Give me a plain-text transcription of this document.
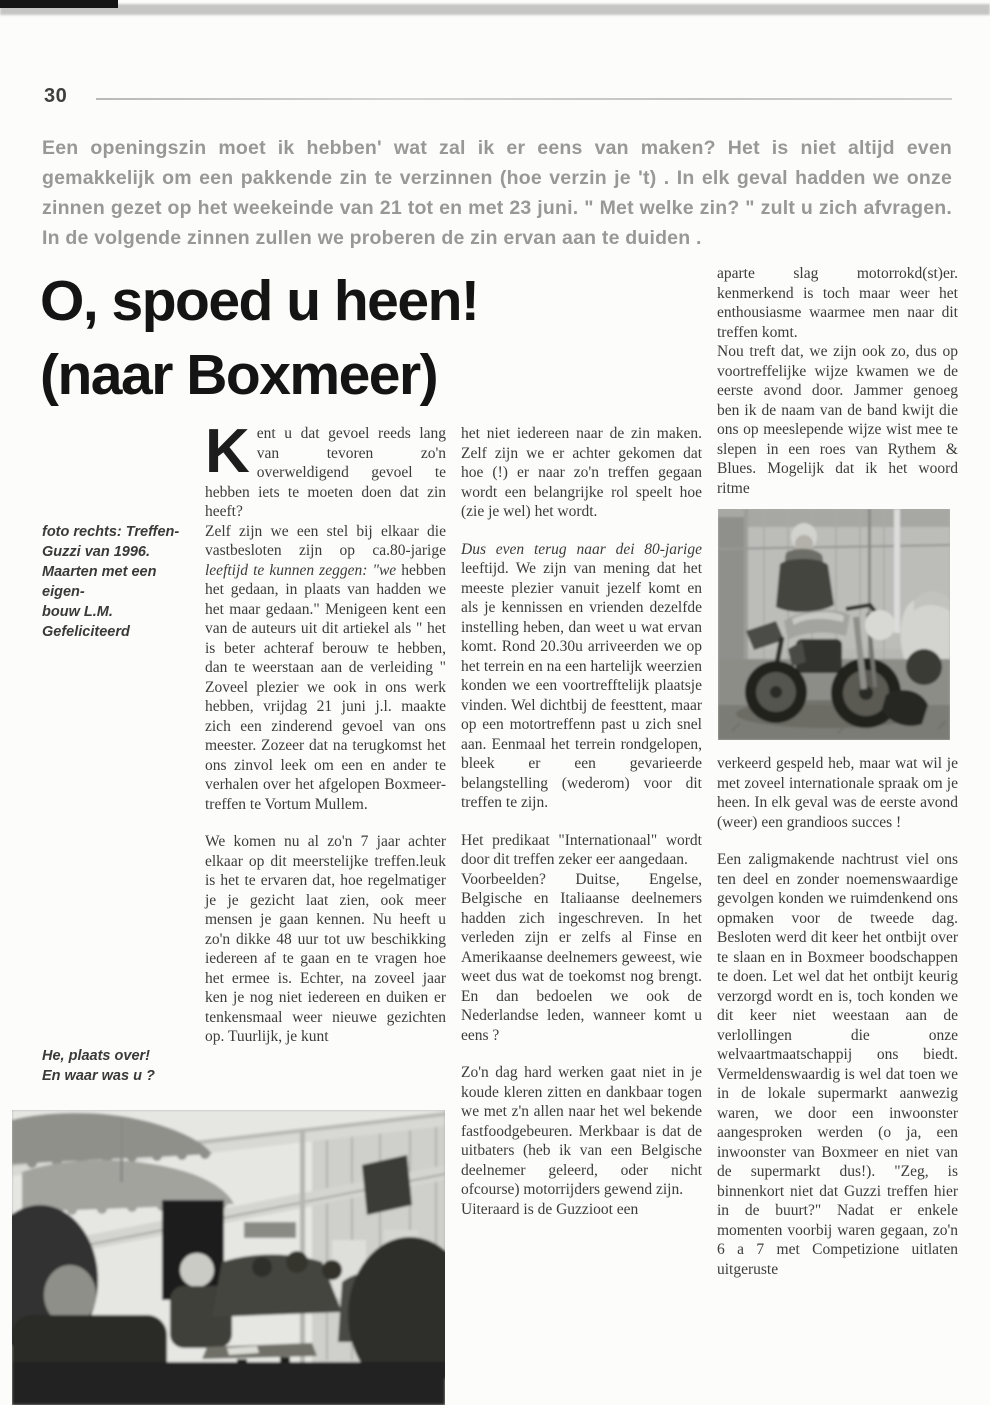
30

Een openingszin moet ik hebben' wat zal ik er eens van maken? Het is niet altijd even gemakkelijk om een pakkende zin te verzinnen (hoe verzin je 't) . In elk geval hadden we onze zinnen gezet op het weekeinde van 21 tot en met 23 juni. " Met welke zin? " zult u zich afvragen. In de volgende zinnen zullen we proberen de zin ervan aan te duiden .

O, spoed u heen!
(naar Boxmeer)
foto rechts: Treffen-
Guzzi van 1996.
Maarten met een eigen-
bouw L.M. Gefeliciteerd
He, plaats over!
En waar was u ?

Kent u dat gevoel reeds lang van tevoren zo'n overweldigend gevoel te hebben iets te moeten doen dat zin heeft?

Zelf zijn we een stel bij elkaar die vastbesloten zijn op ca.80-jarige leeftijd te kunnen zeggen: "we hebben het gedaan, in plaats van hadden we het maar gedaan." Menigeen kent een van de auteurs uit dit artiekel als " het is beter achteraf berouw te hebben, dan te weerstaan aan de verleiding " Zoveel plezier we ook in ons werk hebben, vrijdag 21 juni j.l. maakte zich een zinderend gevoel van ons meester. Zozeer dat na terugkomst het ons zinvol leek om een en ander te verhalen over het afgelopen Boxmeer-treffen te Vortum Mullem.

We komen nu al zo'n 7 jaar achter elkaar op dit meerstelijke treffen.leuk is het te ervaren dat, hoe regelmatiger je je gezicht laat zien, ook meer mensen je gaan kennen. Nu heeft u zo'n dikke 48 uur tot uw beschikking iedereen af te gaan en te vragen hoe het ermee is. Echter, na zoveel jaar ken je nog niet iedereen en duiken er tenkensmaal weer nieuwe gezichten op. Tuurlijk, je kunt

het niet iedereen naar de zin maken. Zelf zijn we er achter gekomen dat hoe (!) er naar zo'n treffen gegaan wordt een belangrijke rol speelt hoe (zie je wel) het wordt.

Dus even terug naar dei 80-jarige leeftijd. We zijn van mening dat het meeste plezier vanuit jezelf komt en als je kennissen en vrienden dezelfde instelling heben, dan weet u wat ervan komt. Rond 20.30u arriveerden we op het terrein en na een hartelijk weerzien konden we een voortrefftelijk plaatsje vinden. Wel dichtbij de feesttent, maar op een motortreffenn past u zich snel aan. Eenmaal het terrein rondgelopen, bleek er een gevarieerde belangstelling (wederom) voor dit treffen te zijn.

Het predikaat "Internationaal" wordt door dit treffen zeker eer aangedaan.

Voorbeelden? Duitse, Engelse, Belgische en Italiaanse deelnemers hadden zich ingeschreven. In het verleden zijn er zelfs al Finse en Amerikaanse deelnemers geweest, wie weet dus wat de toekomst nog brengt. En dan bedoelen we ook de Nederlandse leden, wanneer komt u eens ?

Zo'n dag hard werken gaat niet in je koude kleren zitten en dankbaar togen we met z'n allen naar het wel bekende fastfoodgebeuren. Merkbaar is dat de uitbaters (heb ik van een Belgische deelnemer geleerd, oder nicht ofcourse) motorrijders gewend zijn.

Uiteraard is de Guzzioot een

aparte slag motorrokd(st)er. kenmerkend is toch maar weer het enthousiasme waarmee men naar dit treffen komt.

Nou treft dat, we zijn ook zo, dus op voortreffelijke wijze kwamen we de eerste avond door. Jammer genoeg ben ik de naam van de band kwijt die ons op meeslepende wijze wist mee te slepen in een roes van Rythem & Blues. Mogelijk dat ik het woord ritme

verkeerd gespeld heb, maar wat wil je met zoveel internationale spraak om je heen. In elk geval was de eerste avond (weer) een grandioos succes !

Een zaligmakende nachtrust viel ons ten deel en zonder noemenswaardige gevolgen konden we ruimdenkend ons opmaken voor de tweede dag. Besloten werd dit keer het ontbijt over te slaan en in Boxmeer boodschappen te doen. Let wel dat het ontbijt keurig verzorgd wordt en is, toch konden we dit keer niet weestaan aan de verlollingen die onze welvaartmaatschappij ons biedt. Vermeldenswaardig is wel dat toen we in de lokale supermarkt aanwezig waren, we door een inwoonster aangesproken werden (o ja, een inwoonster van Boxmeer en niet van de supermarkt dus!). "Zeg, is binnenkort niet dat Guzzi treffen hier in de buurt?" Nadat er enkele momenten voorbij waren gegaan, zo'n 6 a 7 met Competizione uitlaten uitgeruste
